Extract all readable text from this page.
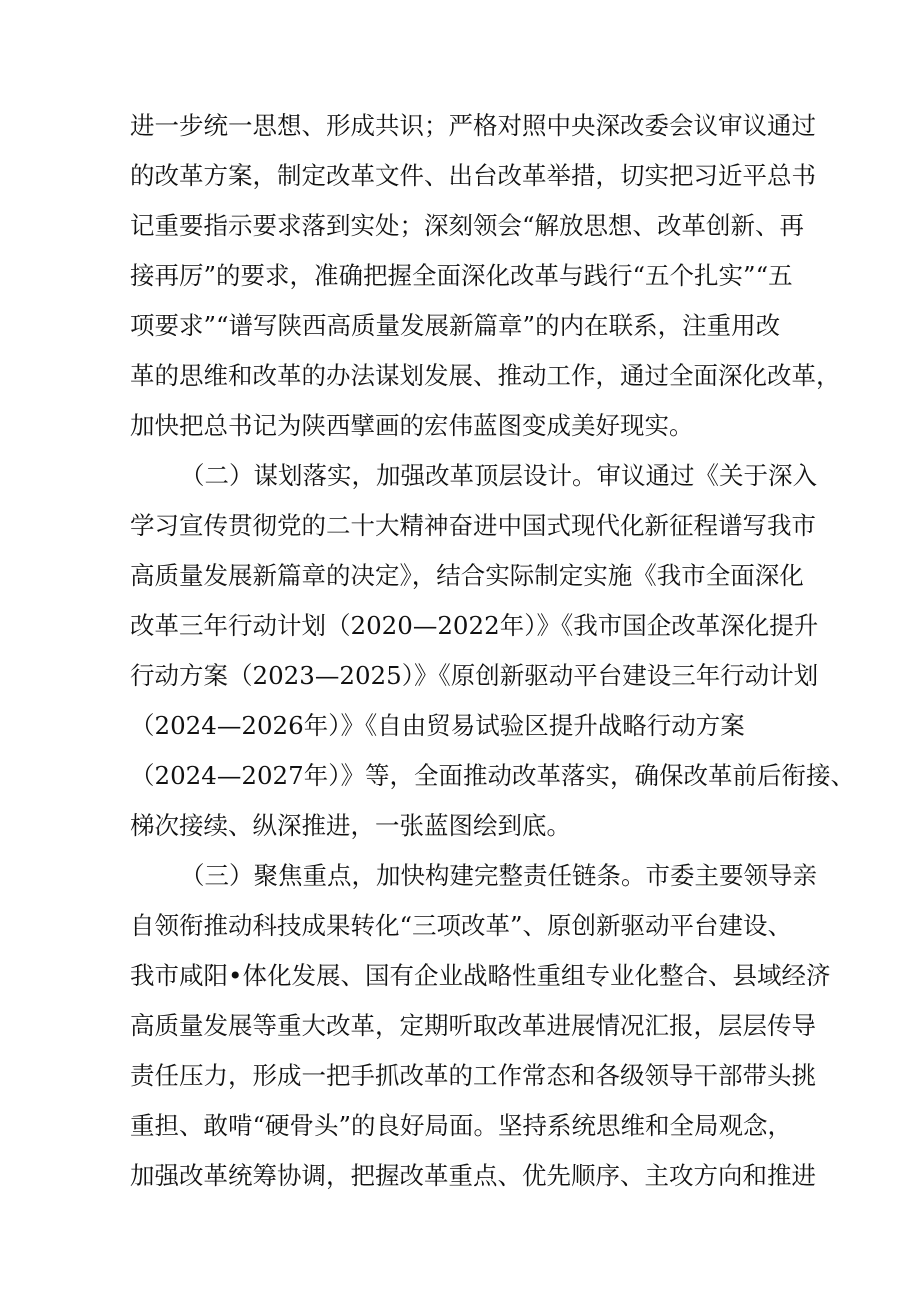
进一步统一思想、形成共识；严格对照中央深改委会议审议通过

的改革方案，制定改革文件、出台改革举措，切实把习近平总书

记重要指示要求落到实处；深刻领会“解放思想、改革创新、再

接再厉”的要求，准确把握全面深化改革与践行“五个扎实”“五

项要求”“谱写陕西高质量发展新篇章”的内在联系，注重用改

革的思维和改革的办法谋划发展、推动工作，通过全面深化改革，

加快把总书记为陕西擘画的宏伟蓝图变成美好现实。

（二）谋划落实，加强改革顶层设计。审议通过《关于深入

学习宣传贯彻党的二十大精神奋进中国式现代化新征程谱写我市

高质量发展新篇章的决定》，结合实际制定实施《我市全面深化

改革三年行动计划（2020—2022年）》《我市国企改革深化提升

行动方案（2023—2025）》《原创新驱动平台建设三年行动计划

（2024—2026年）》《自由贸易试验区提升战略行动方案

（2024—2027年）》等，全面推动改革落实，确保改革前后衔接、

梯次接续、纵深推进，一张蓝图绘到底。

（三）聚焦重点，加快构建完整责任链条。市委主要领导亲

自领衔推动科技成果转化“三项改革”、原创新驱动平台建设、

我市咸阳•体化发展、国有企业战略性重组专业化整合、县域经济

高质量发展等重大改革，定期听取改革进展情况汇报，层层传导

责任压力，形成一把手抓改革的工作常态和各级领导干部带头挑

重担、敢啃“硬骨头”的良好局面。坚持系统思维和全局观念，

加强改革统筹协调，把握改革重点、优先顺序、主攻方向和推进
